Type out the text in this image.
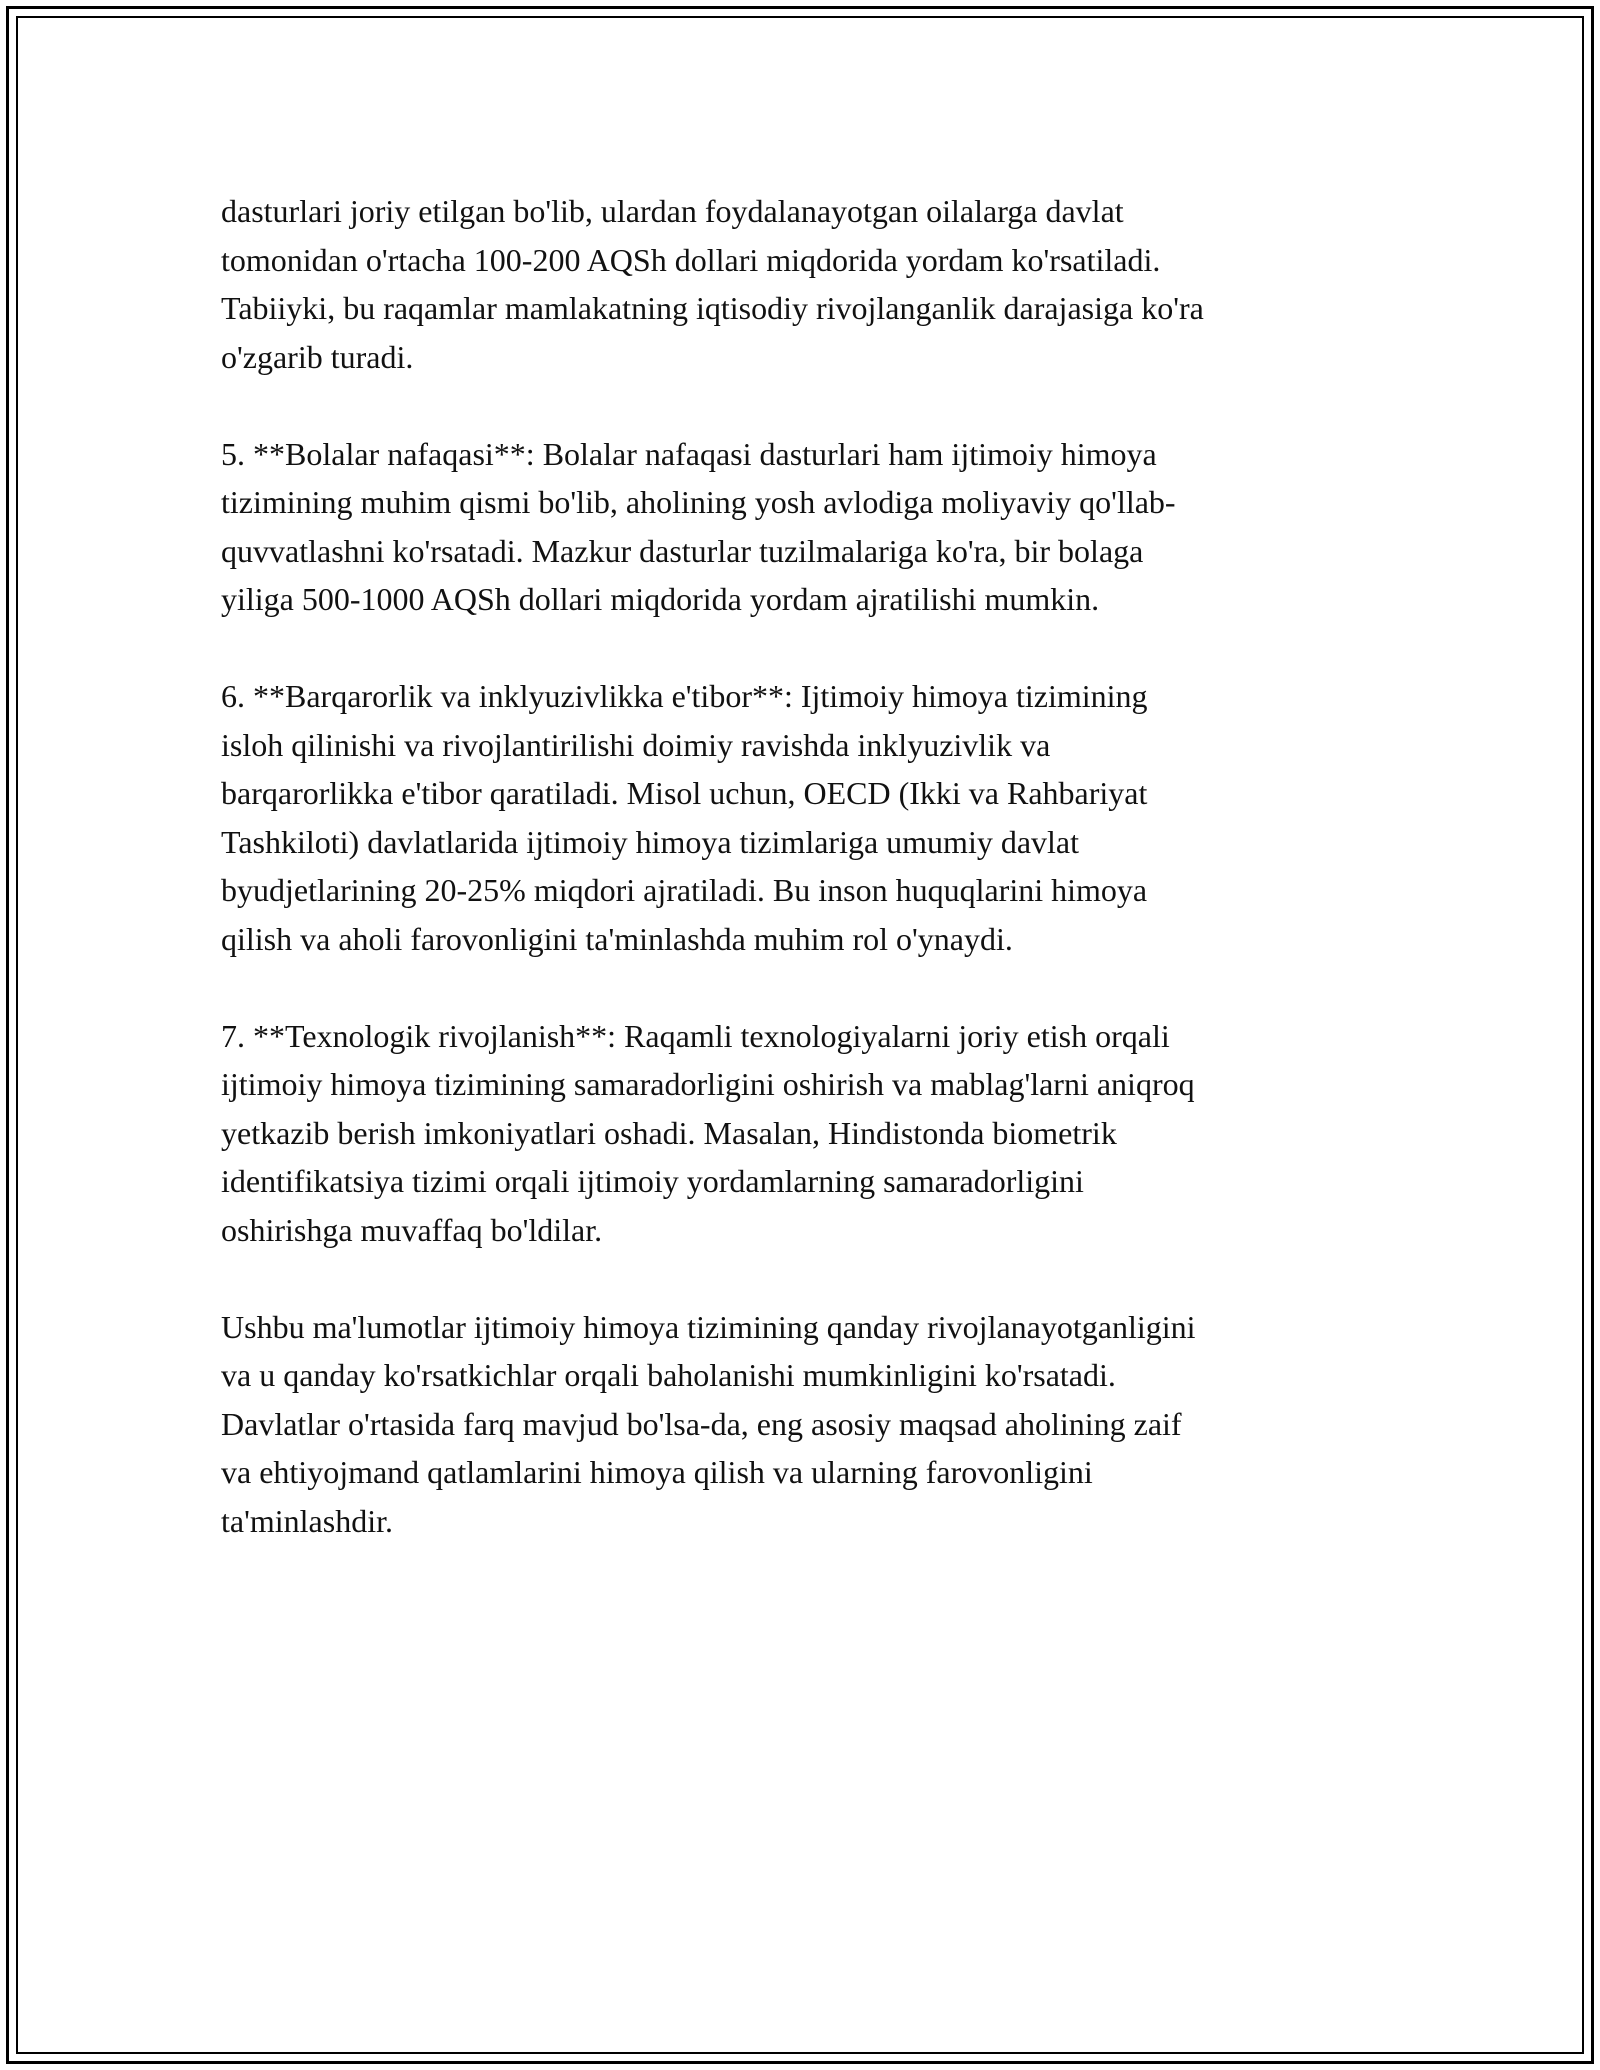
dasturlari joriy etilgan bo'lib, ulardan foydalanayotgan oilalarga davlat
tomonidan o'rtacha 100-200 AQSh dollari miqdorida yordam ko'rsatiladi.
Tabiiyki, bu raqamlar mamlakatning iqtisodiy rivojlanganlik darajasiga ko'ra
o'zgarib turadi.

5. **Bolalar nafaqasi**: Bolalar nafaqasi dasturlari ham ijtimoiy himoya
tizimining muhim qismi bo'lib, aholining yosh avlodiga moliyaviy qo'llab-
quvvatlashni ko'rsatadi. Mazkur dasturlar tuzilmalariga ko'ra, bir bolaga
yiliga 500-1000 AQSh dollari miqdorida yordam ajratilishi mumkin.

6. **Barqarorlik va inklyuzivlikka e'tibor**: Ijtimoiy himoya tizimining
isloh qilinishi va rivojlantirilishi doimiy ravishda inklyuzivlik va
barqarorlikka e'tibor qaratiladi. Misol uchun, OECD (Ikki va Rahbariyat
Tashkiloti) davlatlarida ijtimoiy himoya tizimlariga umumiy davlat
byudjetlarining 20-25% miqdori ajratiladi. Bu inson huquqlarini himoya
qilish va aholi farovonligini ta'minlashda muhim rol o'ynaydi.

7. **Texnologik rivojlanish**: Raqamli texnologiyalarni joriy etish orqali
ijtimoiy himoya tizimining samaradorligini oshirish va mablag'larni aniqroq
yetkazib berish imkoniyatlari oshadi. Masalan, Hindistonda biometrik
identifikatsiya tizimi orqali ijtimoiy yordamlarning samaradorligini
oshirishga muvaffaq bo'ldilar.

Ushbu ma'lumotlar ijtimoiy himoya tizimining qanday rivojlanayotganligini
va u qanday ko'rsatkichlar orqali baholanishi mumkinligini ko'rsatadi.
Davlatlar o'rtasida farq mavjud bo'lsa-da, eng asosiy maqsad aholining zaif
va ehtiyojmand qatlamlarini himoya qilish va ularning farovonligini
ta'minlashdir.
